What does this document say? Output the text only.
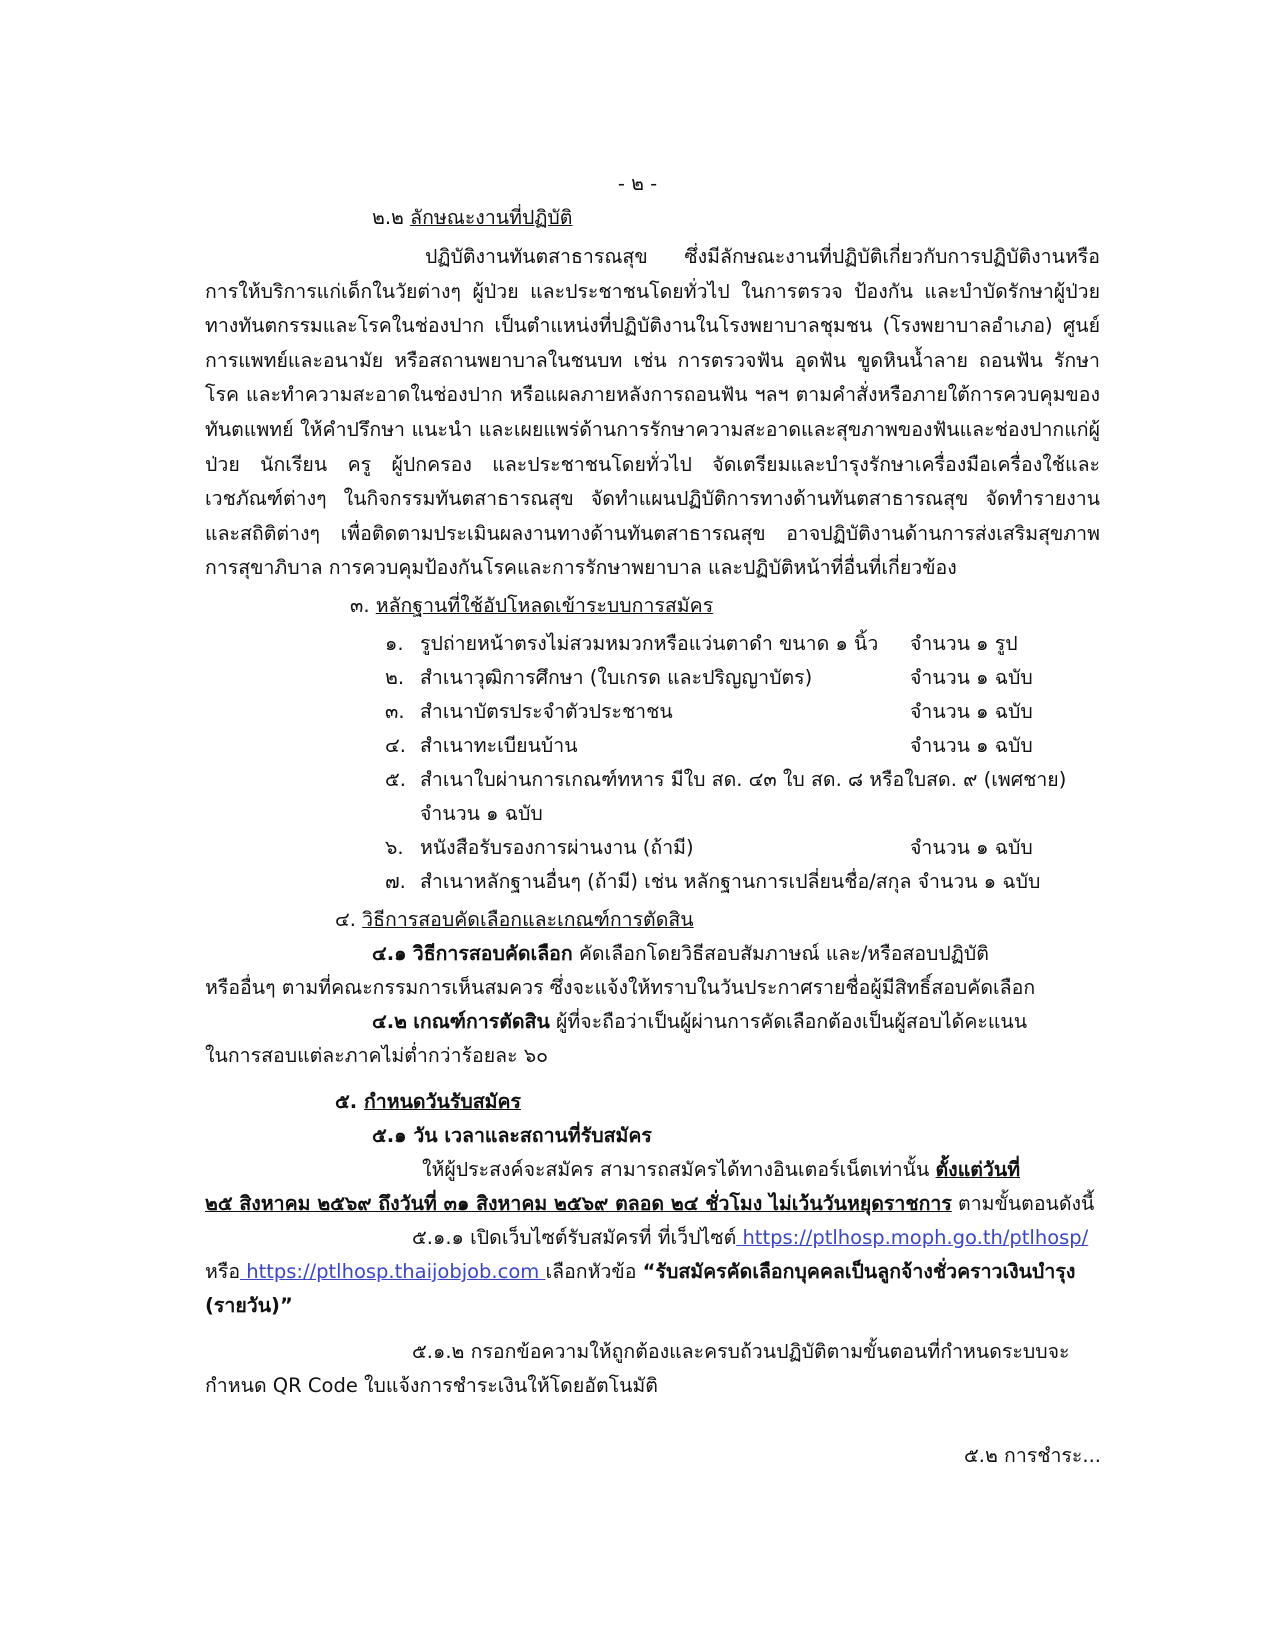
- ๒ -
๒.๒ ลักษณะงานที่ปฏิบัติ

ปฏิบัติงานทันตสาธารณสุข ซึ่งมีลักษณะงานที่ปฏิบัติเกี่ยวกับการปฏิบัติงานหรือการให้บริการแก่เด็กในวัยต่างๆ ผู้ป่วย และประชาชนโดยทั่วไป ในการตรวจ ป้องกัน และบำบัดรักษาผู้ป่วยทางทันตกรรมและโรคในช่องปาก เป็นตำแหน่งที่ปฏิบัติงานในโรงพยาบาลชุมชน (โรงพยาบาลอำเภอ) ศูนย์การแพทย์และอนามัย หรือสถานพยาบาลในชนบท เช่น การตรวจฟัน อุดฟัน ขูดหินน้ำลาย ถอนฟัน รักษาโรค และทำความสะอาดในช่องปาก หรือแผลภายหลังการถอนฟัน ฯลฯ ตามคำสั่งหรือภายใต้การควบคุมของทันตแพทย์ ให้คำปรึกษา แนะนำ และเผยแพร่ด้านการรักษาความสะอาดและสุขภาพของฟันและช่องปากแก่ผู้ป่วย นักเรียน ครู ผู้ปกครอง และประชาชนโดยทั่วไป จัดเตรียมและบำรุงรักษาเครื่องมือเครื่องใช้และเวชภัณฑ์ต่างๆ ในกิจกรรมทันตสาธารณสุข จัดทำแผนปฏิบัติการทางด้านทันตสาธารณสุข จัดทำรายงานและสถิติต่างๆ เพื่อติดตามประเมินผลงานทางด้านทันตสาธารณสุข อาจปฏิบัติงานด้านการส่งเสริมสุขภาพการสุขาภิบาล การควบคุมป้องกันโรคและการรักษาพยาบาล และปฏิบัติหน้าที่อื่นที่เกี่ยวข้อง

๓. หลักฐานที่ใช้อัปโหลดเข้าระบบการสมัคร
๑. รูปถ่ายหน้าตรงไม่สวมหมวกหรือแว่นตาดำ ขนาด ๑ นิ้ว จำนวน ๑ รูป
๒. สำเนาวุฒิการศึกษา (ใบเกรด และปริญญาบัตร)	จำนวน ๑ ฉบับ
๓. สำเนาบัตรประจำตัวประชาชน	จำนวน ๑ ฉบับ
๔. สำเนาทะเบียนบ้าน	จำนวน ๑ ฉบับ
๕. สำเนาใบผ่านการเกณฑ์ทหาร มีใบ สด. ๔๓ ใบ สด. ๘ หรือใบสด. ๙ (เพศชาย)
จำนวน ๑ ฉบับ
๖. หนังสือรับรองการผ่านงาน (ถ้ามี)	จำนวน ๑ ฉบับ
๗. สำเนาหลักฐานอื่นๆ (ถ้ามี) เช่น หลักฐานการเปลี่ยนชื่อ/สกุล จำนวน ๑ ฉบับ
๔. วิธีการสอบคัดเลือกและเกณฑ์การตัดสิน
๔.๑ วิธีการสอบคัดเลือก คัดเลือกโดยวิธีสอบสัมภาษณ์ และ/หรือสอบปฏิบัติ
หรืออื่นๆ ตามที่คณะกรรมการเห็นสมควร ซึ่งจะแจ้งให้ทราบในวันประกาศรายชื่อผู้มีสิทธิ์สอบคัดเลือก
๔.๒ เกณฑ์การตัดสิน ผู้ที่จะถือว่าเป็นผู้ผ่านการคัดเลือกต้องเป็นผู้สอบได้คะแนน
ในการสอบแต่ละภาคไม่ต่ำกว่าร้อยละ ๖๐
๕. กำหนดวันรับสมัคร
๕.๑ วัน เวลาและสถานที่รับสมัคร
ให้ผู้ประสงค์จะสมัคร สามารถสมัครได้ทางอินเตอร์เน็ตเท่านั้น ตั้งแต่วันที่
๒๕ สิงหาคม ๒๕๖๙ ถึงวันที่ ๓๑ สิงหาคม ๒๕๖๙ ตลอด ๒๔ ชั่วโมง ไม่เว้นวันหยุดราชการ ตามขั้นตอนดังนี้
๕.๑.๑ เปิดเว็บไซต์รับสมัครที่ ที่เว็ปไซต์ https://ptlhosp.moph.go.th/ptlhosp/
หรือ https://ptlhosp.thaijobjob.com เลือกหัวข้อ “รับสมัครคัดเลือกบุคคลเป็นลูกจ้างชั่วคราวเงินบำรุง
(รายวัน)”
๕.๑.๒ กรอกข้อความให้ถูกต้องและครบถ้วนปฏิบัติตามขั้นตอนที่กำหนดระบบจะ
กำหนด QR Code ใบแจ้งการชำระเงินให้โดยอัตโนมัติ
๕.๒ การชำระ...
